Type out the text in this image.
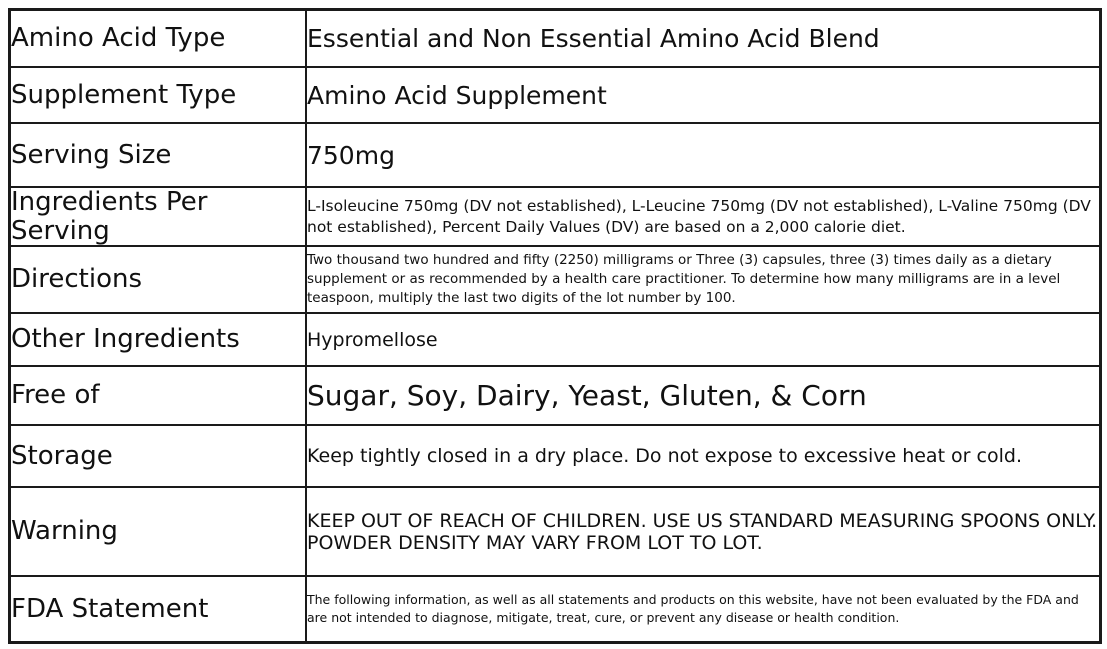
Amino Acid Type	Essential and Non Essential Amino Acid Blend
Supplement Type	Amino Acid Supplement
Serving Size	750mg
Ingredients Per Serving	L-Isoleucine 750mg (DV not established), L-Leucine 750mg (DV not established), L-Valine 750mg (DV not established), Percent Daily Values (DV) are based on a 2,000 calorie diet.
Directions	Two thousand two hundred and fifty (2250) milligrams or Three (3) capsules, three (3) times daily as a dietary supplement or as recommended by a health care practitioner. To determine how many milligrams are in a level teaspoon, multiply the last two digits of the lot number by 100.
Other Ingredients	Hypromellose
Free of	Sugar, Soy, Dairy, Yeast, Gluten, & Corn
Storage	Keep tightly closed in a dry place. Do not expose to excessive heat or cold.
Warning	KEEP OUT OF REACH OF CHILDREN. USE US STANDARD MEASURING SPOONS ONLY. POWDER DENSITY MAY VARY FROM LOT TO LOT.
FDA Statement	The following information, as well as all statements and products on this website, have not been evaluated by the FDA and are not intended to diagnose, mitigate, treat, cure, or prevent any disease or health condition.
